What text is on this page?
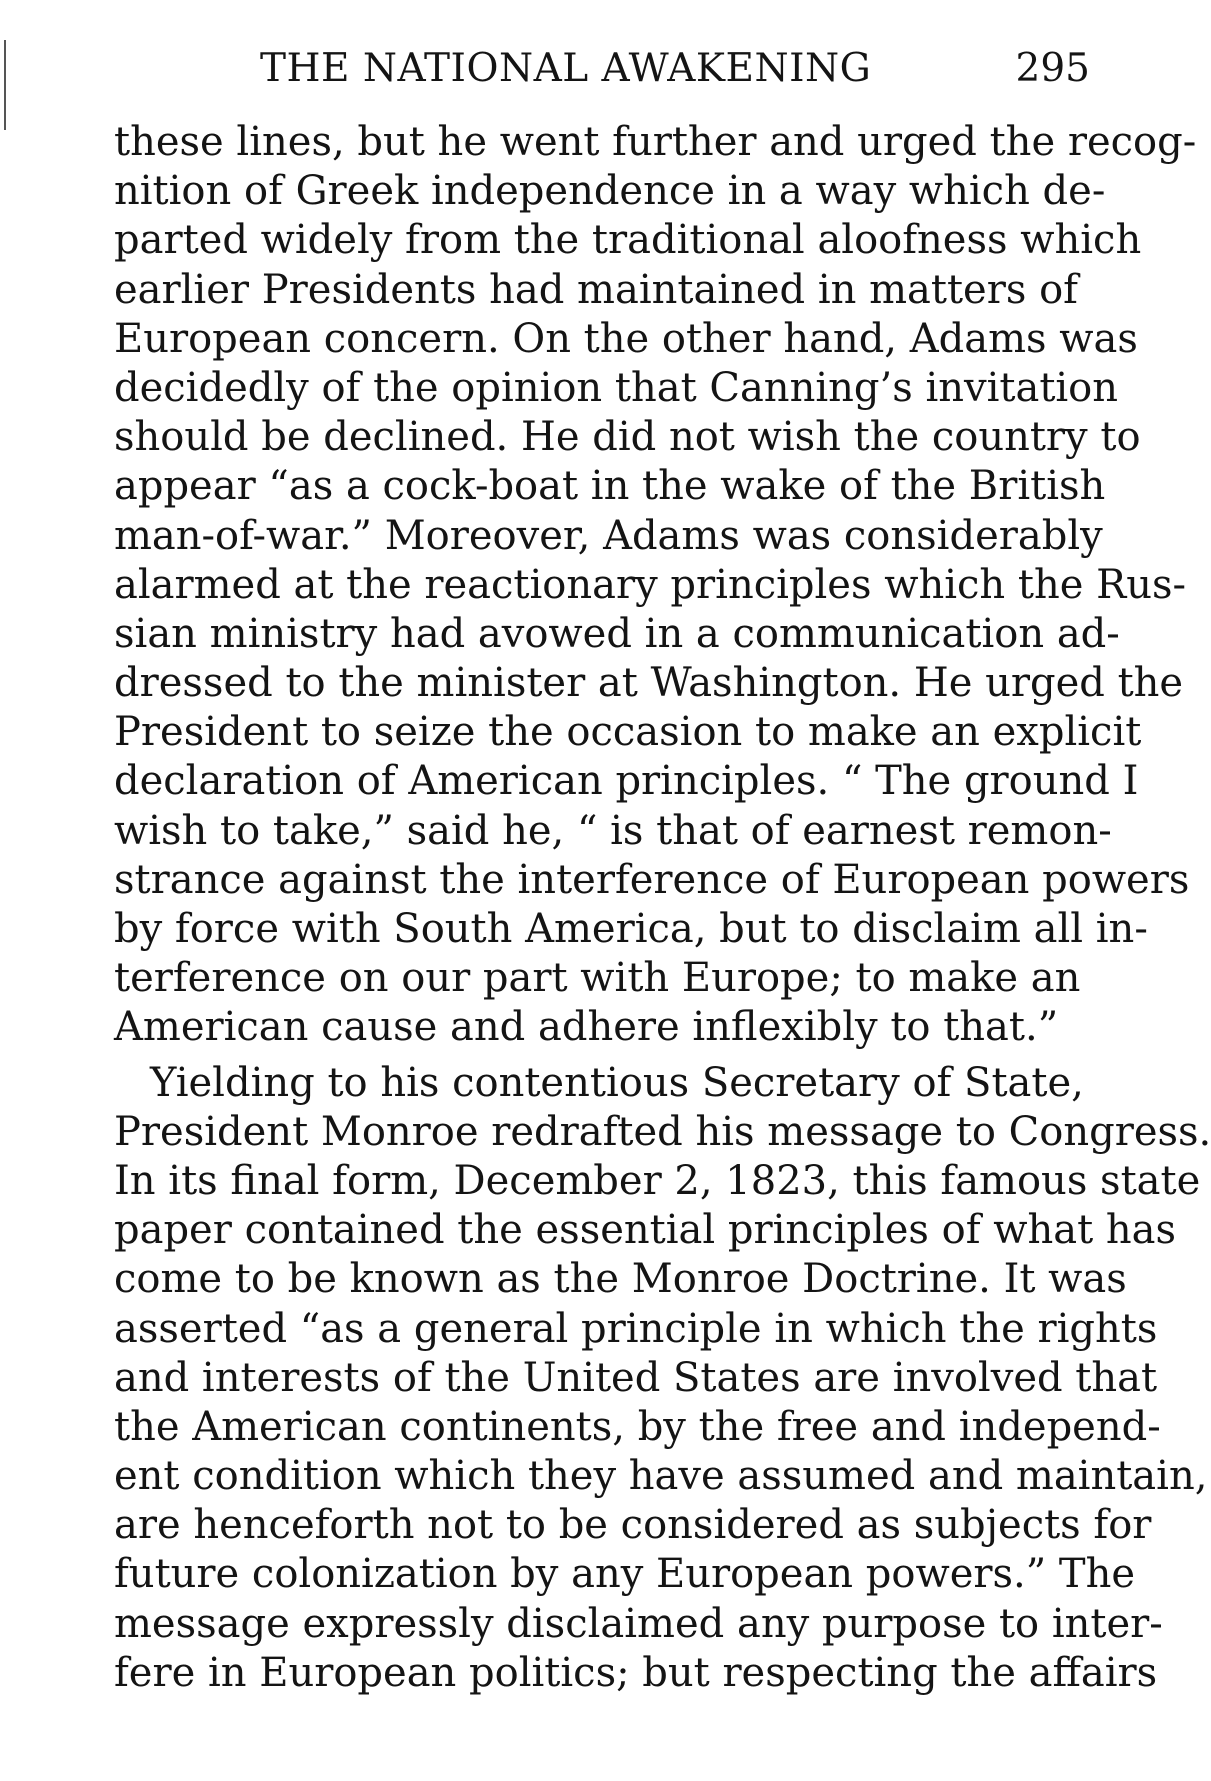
THE NATIONAL AWAKENING	295
these lines, but he went further and urged the recog-
nition of Greek independence in a way which de-
parted widely from the traditional aloofness which
earlier Presidents had maintained in matters of
European concern. On the other hand, Adams was
decidedly of the opinion that Canning’s invitation
should be declined. He did not wish the country to
appear “as a cock-boat in the wake of the British
man-of-war.” Moreover, Adams was considerably
alarmed at the reactionary principles which the Rus-
sian ministry had avowed in a communication ad-
dressed to the minister at Washington. He urged the
President to seize the occasion to make an explicit
declaration of American principles. “ The ground I
wish to take,” said he, “ is that of earnest remon-
strance against the interference of European powers
by force with South America, but to disclaim all in-
terference on our part with Europe; to make an
American cause and adhere inflexibly to that.”
Yielding to his contentious Secretary of State,
President Monroe redrafted his message to Congress.
In its final form, December 2, 1823, this famous state
paper contained the essential principles of what has
come to be known as the Monroe Doctrine. It was
asserted “as a general principle in which the rights
and interests of the United States are involved that
the American continents, by the free and independ-
ent condition which they have assumed and maintain,
are henceforth not to be considered as subjects for
future colonization by any European powers.” The
message expressly disclaimed any purpose to inter-
fere in European politics; but respecting the affairs
